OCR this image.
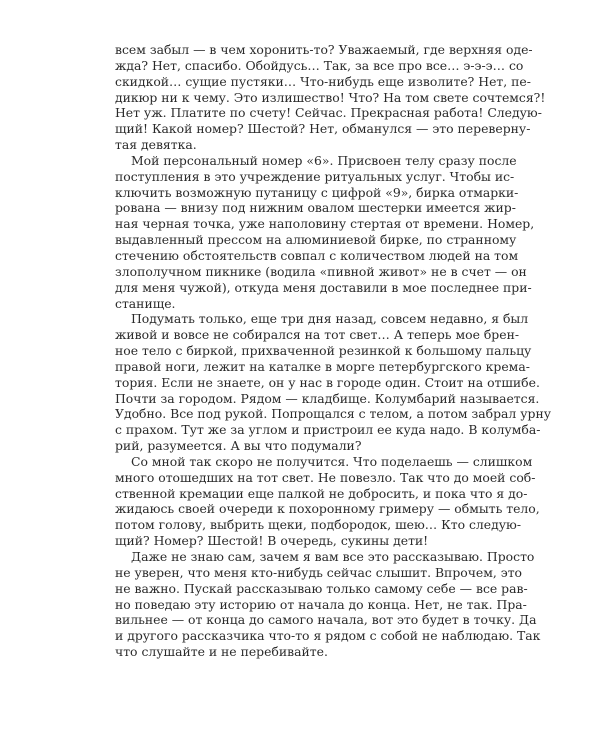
всем забыл — в чем хоронить-то? Уважаемый, где верхняя оде-
жда? Нет, спасибо. Обойдусь… Так, за все про все… э-э-э… со
скидкой… сущие пустяки… Что-нибудь еще изволите? Нет, пе-
дикюр ни к чему. Это излишество! Что? На том свете сочтемся?!
Нет уж. Платите по счету! Сейчас. Прекрасная работа! Следую-
щий! Какой номер? Шестой? Нет, обманулся — это переверну-
тая девятка.
Мой персональный номер «6». Присвоен телу сразу после
поступления в это учреждение ритуальных услуг. Чтобы ис-
ключить возможную путаницу с цифрой «9», бирка отмарки-
рована — внизу под нижним овалом шестерки имеется жир-
ная черная точка, уже наполовину стертая от времени. Номер,
выдавленный прессом на алюминиевой бирке, по странному
стечению обстоятельств совпал с количеством людей на том
злополучном пикнике (водила «пивной живот» не в счет — он
для меня чужой), откуда меня доставили в мое последнее при-
станище.
Подумать только, еще три дня назад, совсем недавно, я был
живой и вовсе не собирался на тот свет… А теперь мое брен-
ное тело с биркой, прихваченной резинкой к большому пальцу
правой ноги, лежит на каталке в морге петербургского крема-
тория. Если не знаете, он у нас в городе один. Стоит на отшибе.
Почти за городом. Рядом — кладбище. Колумбарий называется.
Удобно. Все под рукой. Попрощался с телом, а потом забрал урну
с прахом. Тут же за углом и пристроил ее куда надо. В колумба-
рий, разумеется. А вы что подумали?
Со мной так скоро не получится. Что поделаешь — слишком
много отошедших на тот свет. Не повезло. Так что до моей соб-
ственной кремации еще палкой не добросить, и пока что я до-
жидаюсь своей очереди к похоронному гримеру — обмыть тело,
потом голову, выбрить щеки, подбородок, шею… Кто следую-
щий? Номер? Шестой! В очередь, сукины дети!
Даже не знаю сам, зачем я вам все это рассказываю. Просто
не уверен, что меня кто-нибудь сейчас слышит. Впрочем, это
не важно. Пускай рассказываю только самому себе — все рав-
но поведаю эту историю от начала до конца. Нет, не так. Пра-
вильнее — от конца до самого начала, вот это будет в точку. Да
и другого рассказчика что-то я рядом с собой не наблюдаю. Так
что слушайте и не перебивайте.
